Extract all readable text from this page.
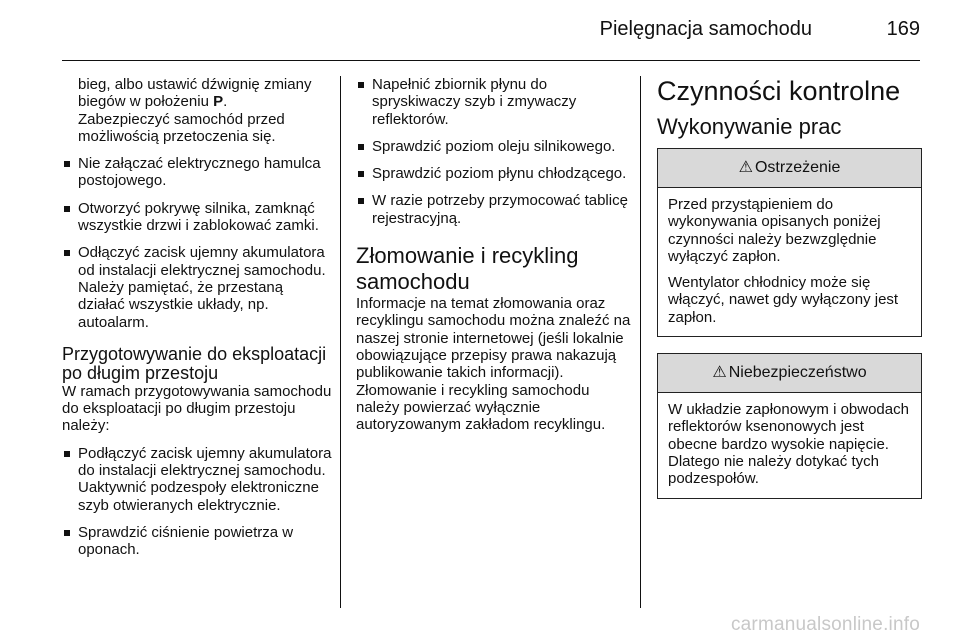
Pielęgnacja samochodu	169

bieg, albo ustawić dźwignię zmiany

biegów w położeniu P.

Zabezpieczyć samochód przed

możliwością przetoczenia się.

Nie załączać elektrycznego hamulca postojowego.

Otworzyć pokrywę silnika, zamknąć wszystkie drzwi i zablokować zamki.

Odłączyć zacisk ujemny akumulatora od instalacji elektrycznej samochodu. Należy pamiętać, że przestaną działać wszystkie układy, np. autoalarm.

Przygotowywanie do eksploatacji po długim przestoju

W ramach przygotowywania samochodu do eksploatacji po długim przestoju należy:

Podłączyć zacisk ujemny akumulatora do instalacji elektrycznej samochodu. Uaktywnić podzespoły elektroniczne szyb otwieranych elektrycznie.

Sprawdzić ciśnienie powietrza w oponach.

Napełnić zbiornik płynu do spryskiwaczy szyb i zmywaczy reflektorów.

Sprawdzić poziom oleju silnikowego.

Sprawdzić poziom płynu chłodzącego.

W razie potrzeby przymocować tablicę rejestracyjną.

Złomowanie i recykling samochodu

Informacje na temat złomowania oraz recyklingu samochodu można znaleźć na naszej stronie internetowej (jeśli lokalnie obowiązujące przepisy prawa nakazują publikowanie takich informacji). Złomowanie i recykling samochodu należy powierzać wyłącznie autoryzowanym zakładom recyklingu.

Czynności kontrolne

Wykonywanie prac

⚠ Ostrzeżenie

Przed przystąpieniem do wykonywania opisanych poniżej czynności należy bezwzględnie wyłączyć zapłon.

Wentylator chłodnicy może się włączyć, nawet gdy wyłączony jest zapłon.

⚠ Niebezpieczeństwo

W układzie zapłonowym i obwodach reflektorów ksenonowych jest obecne bardzo wysokie napięcie. Dlatego nie należy dotykać tych podzespołów.

carmanualsonline.info
